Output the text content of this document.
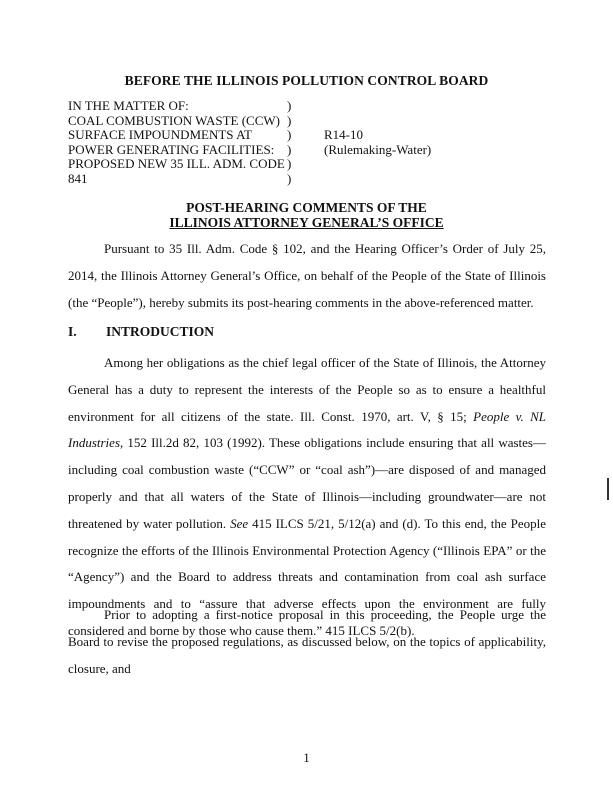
BEFORE THE ILLINOIS POLLUTION CONTROL BOARD
IN THE MATTER OF:
COAL COMBUSTION WASTE (CCW)
SURFACE IMPOUNDMENTS AT
POWER GENERATING FACILITIES:
PROPOSED NEW 35 ILL. ADM. CODE
841
)
)
)
)
)
)
R14-10
(Rulemaking-Water)
POST-HEARING COMMENTS OF THE
ILLINOIS ATTORNEY GENERAL’S OFFICE
Pursuant to 35 Ill. Adm. Code § 102, and the Hearing Officer’s Order of July 25, 2014, the Illinois Attorney General’s Office, on behalf of the People of the State of Illinois (the “People”), hereby submits its post-hearing comments in the above-referenced matter.
I. INTRODUCTION
Among her obligations as the chief legal officer of the State of Illinois, the Attorney General has a duty to represent the interests of the People so as to ensure a healthful environment for all citizens of the state. Ill. Const. 1970, art. V, § 15; People v. NL Industries, 152 Ill.2d 82, 103 (1992). These obligations include ensuring that all wastes—including coal combustion waste (“CCW” or “coal ash”)—are disposed of and managed properly and that all waters of the State of Illinois—including groundwater—are not threatened by water pollution. See 415 ILCS 5/21, 5/12(a) and (d). To this end, the People recognize the efforts of the Illinois Environmental Protection Agency (“Illinois EPA” or the “Agency”) and the Board to address threats and contamination from coal ash surface impoundments and to “assure that adverse effects upon the environment are fully considered and borne by those who cause them.” 415 ILCS 5/2(b).
Prior to adopting a first-notice proposal in this proceeding, the People urge the Board to revise the proposed regulations, as discussed below, on the topics of applicability, closure, and
1
